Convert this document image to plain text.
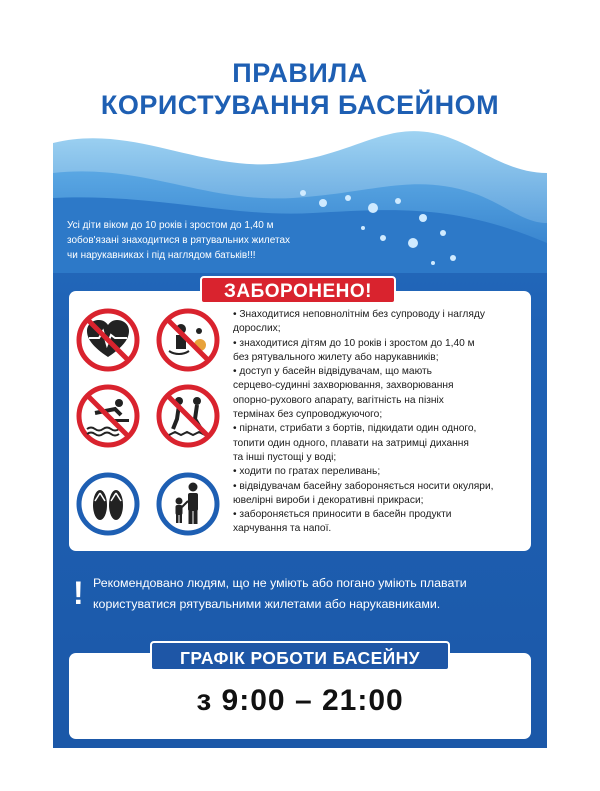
ПРАВИЛА
КОРИСТУВАННЯ БАСЕЙНОМ
Усі діти віком до 10 років і зростом до 1,40 м
зобов'язані знаходитися в рятувальних жилетах
чи нарукавниках і під наглядом батьків!!!
ЗАБОРОНЕНО!
• Знаходитися неповнолітнім без супроводу і нагляду
дорослих;
• знаходитися дітям до 10 років і зростом до 1,40 м
без рятувального жилету або нарукавників;
• доступ у басейн відвідувачам, що мають
серцево-судинні захворювання, захворювання
опорно-рухового апарату, вагітність на пізніх
термінах без супроводжуючого;
• пірнати, стрибати з бортів, підкидати один одного,
топити один одного, плавати на затримці дихання
та інші пустощі у воді;
• ходити по гратах переливань;
• відвідувачам басейну забороняється носити окуляри,
ювелірні вироби і декоративні прикраси;
• забороняється приносити в басейн продукти
харчування та напої.
! Рекомендовано людям, що не уміють або погано уміють плавати
користуватися рятувальними жилетами або нарукавниками.
ГРАФІК РОБОТИ БАСЕЙНУ
з 9:00 – 21:00
